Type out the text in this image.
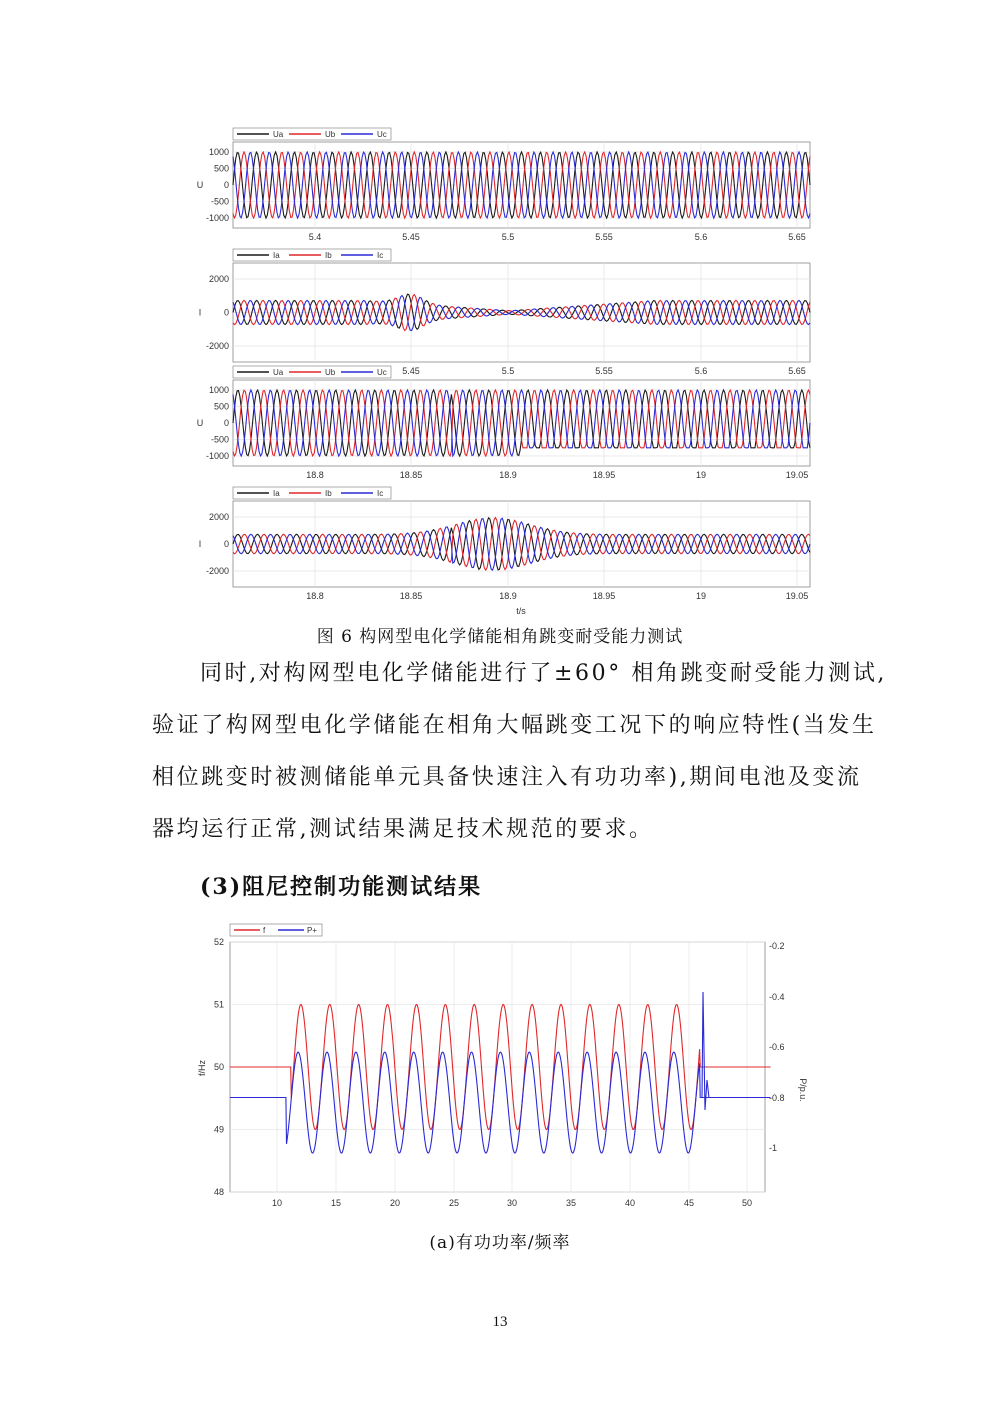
1000
500
0
-500
-1000
5.4	5.45	5.5	5.55	5.6	5.65
U
Ua	Ub	Uc
2000
0
-2000
5.45	5.5	5.55	5.6	5.65
I
Ia	Ib	Ic
1000
500
0
-500
-1000
18.8	18.85	18.9	18.95	19	19.05
U
Ua	Ub	Uc
2000
0
-2000
18.8	18.85	18.9	18.95	19	19.05
I
Ia	Ib	Ic
t/s
图 6 构网型电化学储能相角跳变耐受能力测试
同时,对构网型电化学储能进行了±60° 相角跳变耐受能力测试,
验证了构网型电化学储能在相角大幅跳变工况下的响应特性(当发生
相位跳变时被测储能单元具备快速注入有功功率),期间电池及变流
器均运行正常,测试结果满足技术规范的要求。
(3)阻尼控制功能测试结果
52
51
50
49
48
-0.2
-0.4
-0.6
-0.8
-1
10	15	20	25	30	35	40	45	50
f/Hz
P/p.u.
f	P+
(a)有功功率/频率
13
